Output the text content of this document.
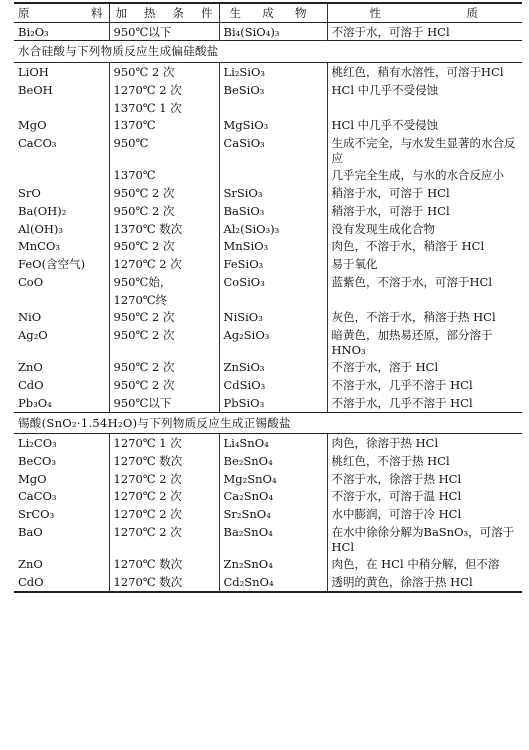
原料	加热条件	生成物	性质
Bi₂O₃	950℃以下	Bi₄(SiO₄)₃	不溶于水，可溶于 HCl
水合硅酸与下列物质反应生成偏硅酸盐			
LiOH	950℃ 2 次	Li₂SiO₃	桃红色，稍有水溶性，可溶于HCl
BeOH	1270℃ 2 次	BeSiO₃	HCl 中几乎不受侵蚀
	1370℃ 1 次		
MgO	1370℃	MgSiO₃	HCl 中几乎不受侵蚀
CaCO₃	950℃	CaSiO₃	生成不完全，与水发生显著的水合反应
	1370℃		几乎完全生成，与水的水合反应小
SrO	950℃ 2 次	SrSiO₃	稍溶于水，可溶于 HCl
Ba(OH)₂	950℃ 2 次	BaSiO₃	稍溶于水，可溶于 HCl
Al(OH)₃	1370℃ 数次	Al₂(SiO₃)₃	没有发现生成化合物
MnCO₃	950℃ 2 次	MnSiO₃	肉色，不溶于水，稍溶于 HCl
FeO(含空气)	1270℃ 2 次	FeSiO₃	易于氧化
CoO	950℃始，	CoSiO₃	蓝紫色，不溶于水，可溶于HCl
	1270℃终		
NiO	950℃ 2 次	NiSiO₃	灰色，不溶于水，稍溶于热 HCl
Ag₂O	950℃ 2 次	Ag₂SiO₃	暗黄色，加热易还原，部分溶于HNO₃
ZnO	950℃ 2 次	ZnSiO₃	不溶于水，溶于 HCl
CdO	950℃ 2 次	CdSiO₃	不溶于水，几乎不溶于 HCl
Pb₃O₄	950℃以下	PbSiO₃	不溶于水，几乎不溶于 HCl
锡酸(SnO₂·1.54H₂O)与下列物质反应生成正锡酸盐			
Li₂CO₃	1270℃ 1 次	Li₄SnO₄	肉色，徐溶于热 HCl
BeCO₃	1270℃ 数次	Be₂SnO₄	桃红色，不溶于热 HCl
MgO	1270℃ 2 次	Mg₂SnO₄	不溶于水，徐溶于热 HCl
CaCO₃	1270℃ 2 次	Ca₂SnO₄	不溶于水，可溶于温 HCl
SrCO₃	1270℃ 2 次	Sr₂SnO₄	水中膨润，可溶于冷 HCl
BaO	1270℃ 2 次	Ba₂SnO₄	在水中徐徐分解为BaSnO₃，可溶于 HCl
ZnO	1270℃ 数次	Zn₂SnO₄	肉色，在 HCl 中稍分解，但不溶
CdO	1270℃ 数次	Cd₂SnO₄	透明的黄色，徐溶于热 HCl
